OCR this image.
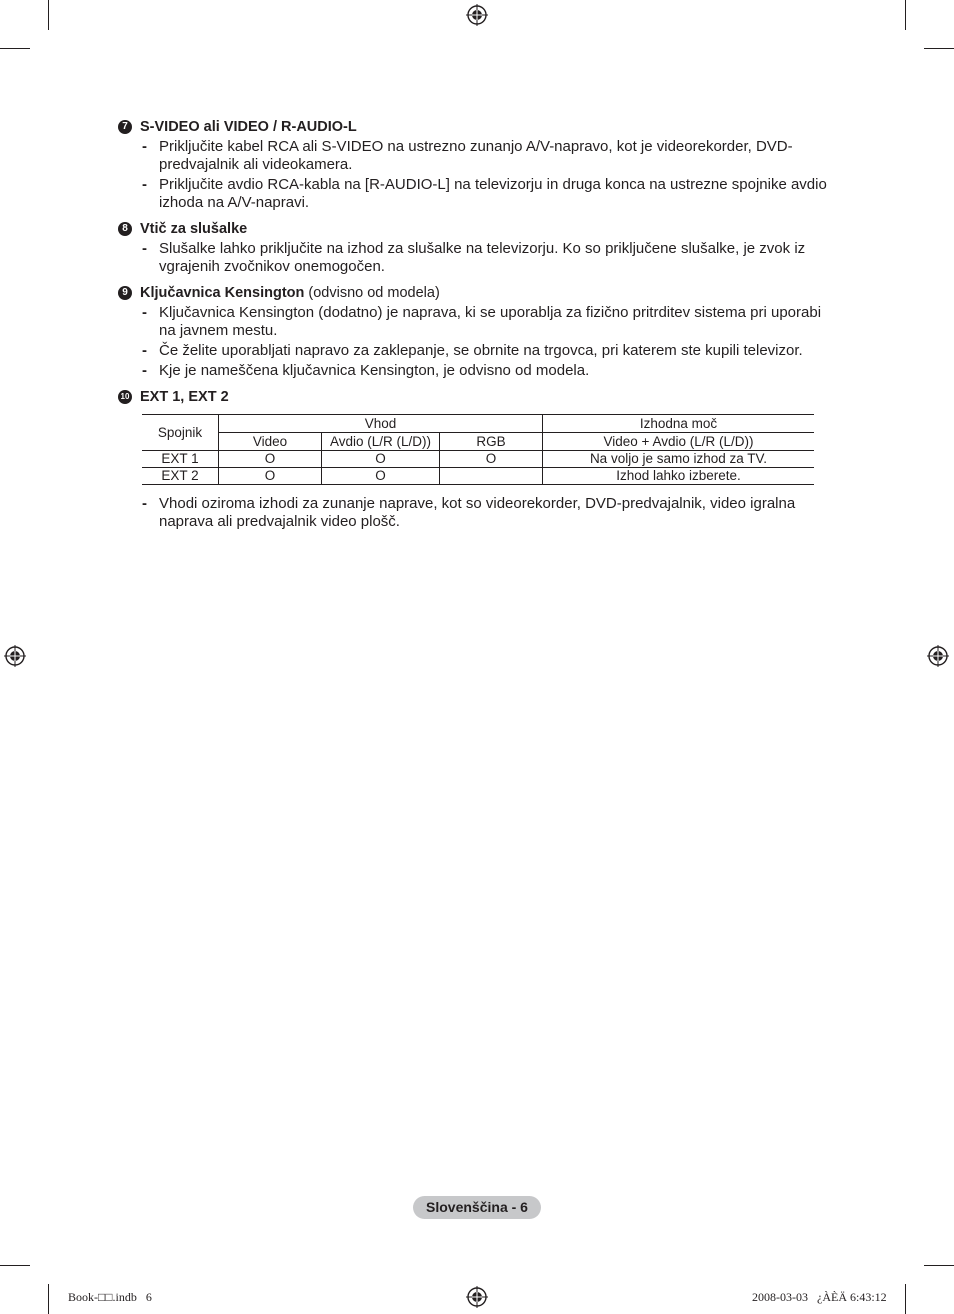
7 S-VIDEO ali VIDEO / R-AUDIO-L
- Priključite kabel RCA ali S-VIDEO na ustrezno zunanjo A/V-napravo, kot je videorekorder, DVD-predvajalnik ali videokamera.
- Priključite avdio RCA-kabla na [R-AUDIO-L] na televizorju in druga konca na ustrezne spojnike avdio izhoda na A/V-napravi.
8 Vtič za slušalke
- Slušalke lahko priključite na izhod za slušalke na televizorju. Ko so priključene slušalke, je zvok iz vgrajenih zvočnikov onemogočen.
9 Ključavnica Kensington (odvisno od modela)
- Ključavnica Kensington (dodatno) je naprava, ki se uporablja za fizično pritrditev sistema pri uporabi na javnem mestu.
- Če želite uporabljati napravo za zaklepanje, se obrnite na trgovca, pri katerem ste kupili televizor.
- Kje je nameščena ključavnica Kensington, je odvisno od modela.
10 EXT 1, EXT 2
Spojnik	Vhod			Izhodna moč
	Video	Avdio (L/R (L/D))	RGB	Video + Avdio (L/R (L/D))
EXT 1	O	O	O	Na voljo je samo izhod za TV.
EXT 2	O	O		Izhod lahko izberete.
- Vhodi oziroma izhodi za zunanje naprave, kot so videorekorder, DVD-predvajalnik, video igralna naprava ali predvajalnik video plošč.
Slovenščina - 6
Book-□□.indb   6	2008-03-03   ¿ÀÈÄ 6:43:12
